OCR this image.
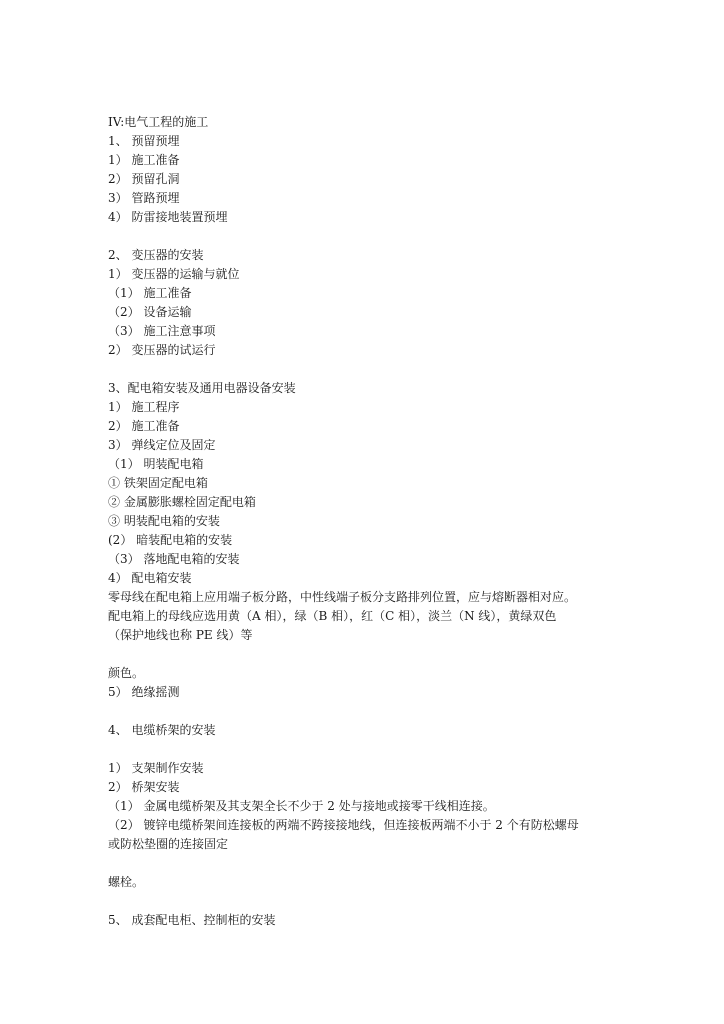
IV:电气工程的施工
1、 预留预埋
1） 施工准备
2） 预留孔洞
3） 管路预埋
4） 防雷接地装置预埋
2、 变压器的安装
1） 变压器的运输与就位
（1） 施工准备
（2） 设备运输
（3） 施工注意事项
2） 变压器的试运行
3、配电箱安装及通用电器设备安装
1） 施工程序
2） 施工准备
3） 弹线定位及固定
（1） 明装配电箱
① 铁架固定配电箱
② 金属膨胀螺栓固定配电箱
③ 明装配电箱的安装
(2） 暗装配电箱的安装
（3） 落地配电箱的安装
4） 配电箱安装
零母线在配电箱上应用端子板分路，中性线端子板分支路排列位置，应与熔断器相对应。
配电箱上的母线应选用黄（A 相），绿（B 相），红（C 相），淡兰（N 线），黄绿双色
（保护地线也称 PE 线）等
颜色。
5） 绝缘摇测
4、 电缆桥架的安装
1） 支架制作安装
2） 桥架安装
（1） 金属电缆桥架及其支架全长不少于 2 处与接地或接零干线相连接。
（2） 镀锌电缆桥架间连接板的两端不跨接接地线，但连接板两端不小于 2 个有防松螺母
或防松垫圈的连接固定
螺栓。
5、 成套配电柜、控制柜的安装
